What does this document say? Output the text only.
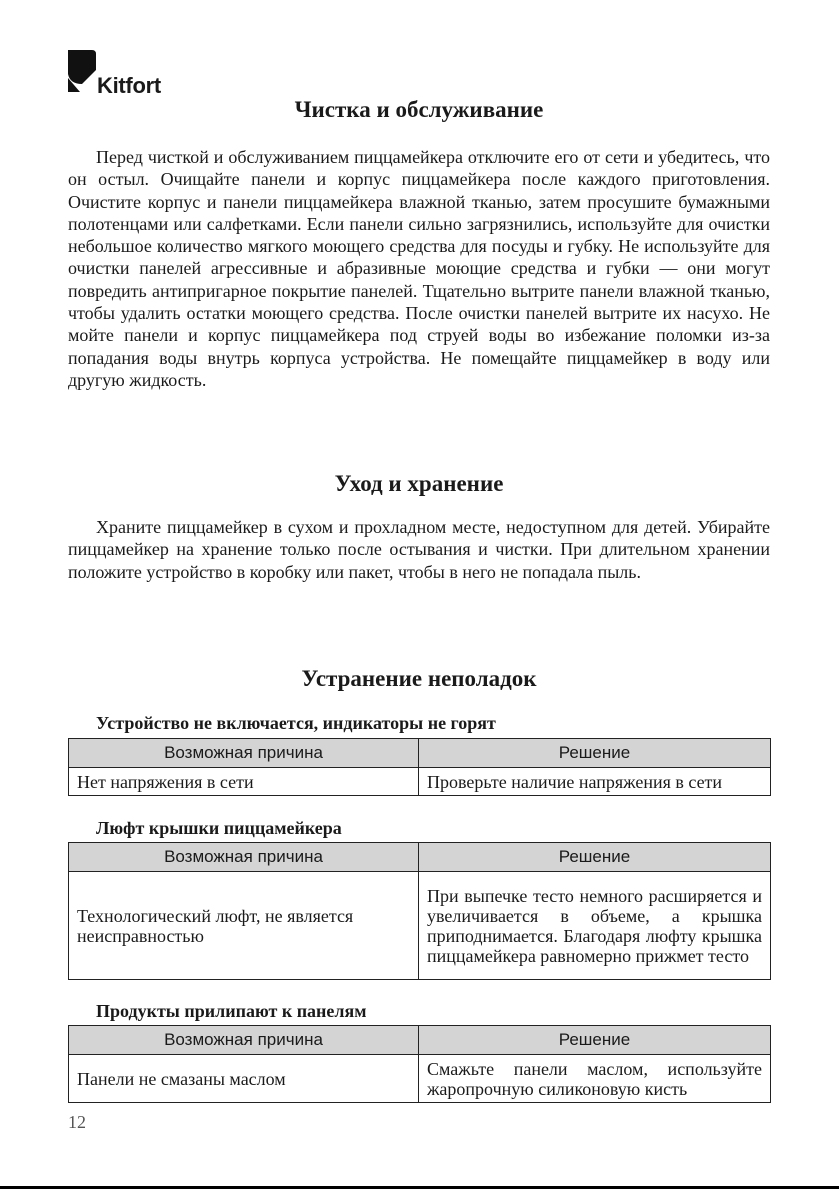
Kitfort
Чистка и обслуживание

Перед чисткой и обслуживанием пиццамейкера отключите его от сети и убедитесь, что он остыл. Очищайте панели и корпус пиццамейкера после каждого приготовления. Очистите корпус и панели пиццамейкера влажной тканью, затем просушите бумажными полотенцами или салфетками. Если панели сильно загрязнились, используйте для очистки небольшое количество мягкого моющего средства для посуды и губку. Не используйте для очистки панелей агрессивные и абразивные моющие средства и губки — они могут повредить антипригарное покрытие панелей. Тщательно вытрите панели влажной тканью, чтобы удалить остатки моющего средства. После очистки панелей вытрите их насухо. Не мойте панели и корпус пиццамейкера под струей воды во избежание поломки из-за попадания воды внутрь корпуса устройства. Не помещайте пиццамейкер в воду или другую жидкость.

Уход и хранение

Храните пиццамейкер в сухом и прохладном месте, недоступном для детей. Убирайте пиццамейкер на хранение только после остывания и чистки. При длительном хранении положите устройство в коробку или пакет, чтобы в него не попадала пыль.

Устранение неполадок

Устройство не включается, индикаторы не горят

Возможная причина	Решение
Нет напряжения в сети	Проверьте наличие напряжения в сети

Люфт крышки пиццамейкера

Возможная причина	Решение
Технологический люфт, не является неисправностью	При выпечке тесто немного расширяется и увеличивается в объеме, а крышка приподнимается. Благодаря люфту крышка пиццамейкера равномерно прижмет тесто

Продукты прилипают к панелям

Возможная причина	Решение
Панели не смазаны маслом	Смажьте панели маслом, используйте жаропрочную силиконовую кисть
12
